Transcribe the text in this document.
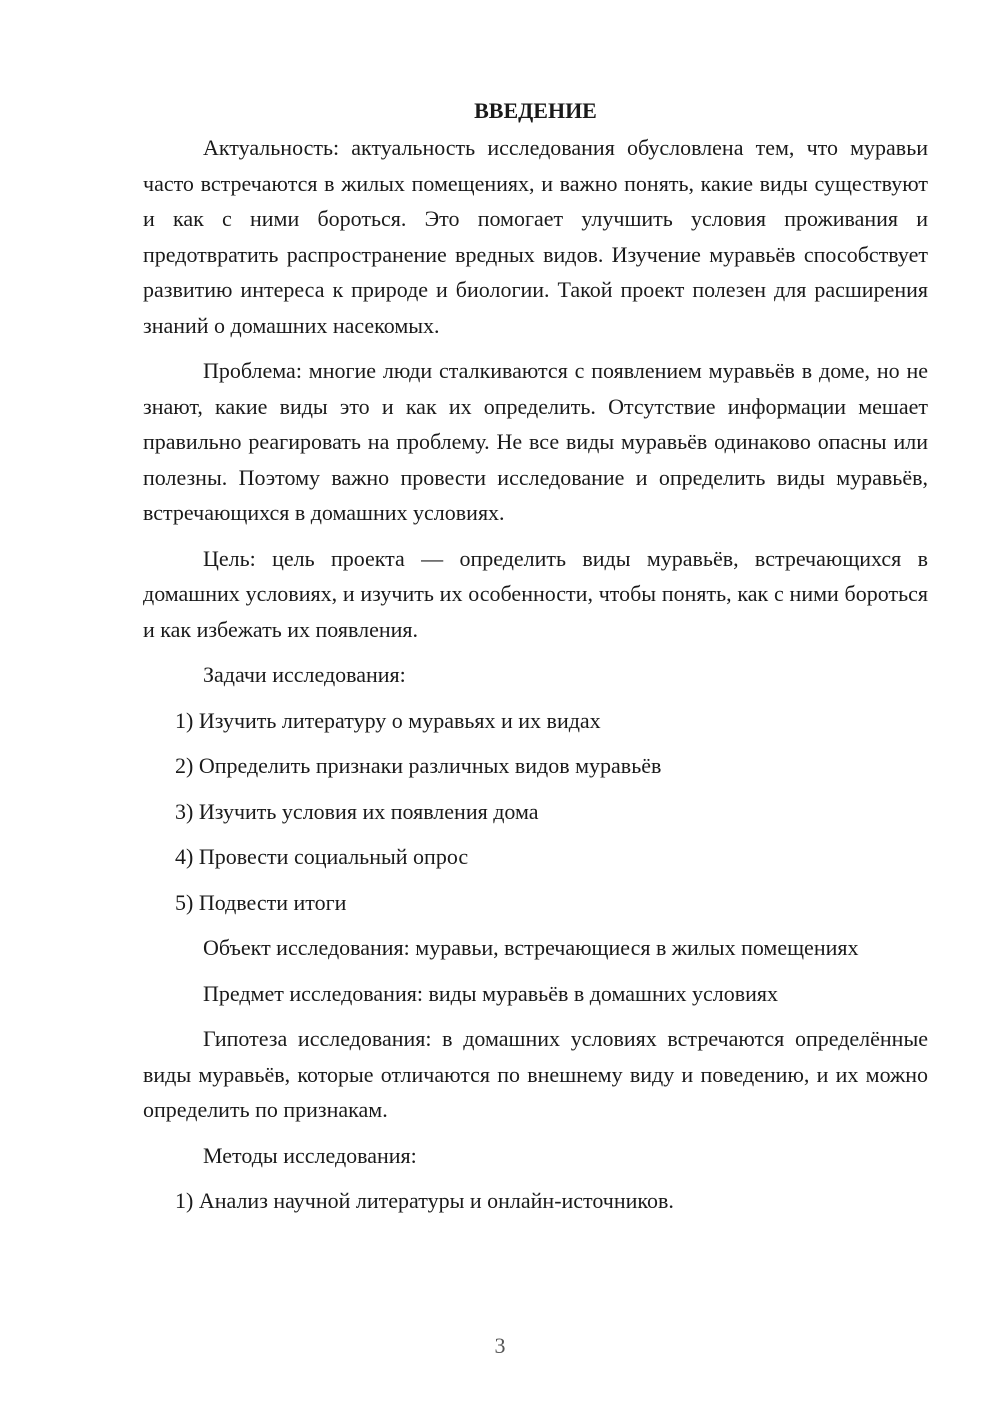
ВВЕДЕНИЕ

Актуальность: актуальность исследования обусловлена тем, что муравьи часто встречаются в жилых помещениях, и важно понять, какие виды существуют и как с ними бороться. Это помогает улучшить условия проживания и предотвратить распространение вредных видов. Изучение муравьёв способствует развитию интереса к природе и биологии. Такой проект полезен для расширения знаний о домашних насекомых.

Проблема: многие люди сталкиваются с появлением муравьёв в доме, но не знают, какие виды это и как их определить. Отсутствие информации мешает правильно реагировать на проблему. Не все виды муравьёв одинаково опасны или полезны. Поэтому важно провести исследование и определить виды муравьёв, встречающихся в домашних условиях.

Цель: цель проекта — определить виды муравьёв, встречающихся в домашних условиях, и изучить их особенности, чтобы понять, как с ними бороться и как избежать их появления.

Задачи исследования:

1) Изучить литературу о муравьях и их видах

2) Определить признаки различных видов муравьёв

3) Изучить условия их появления дома

4) Провести социальный опрос

5) Подвести итоги

Объект исследования: муравьи, встречающиеся в жилых помещениях

Предмет исследования: виды муравьёв в домашних условиях

Гипотеза исследования: в домашних условиях встречаются определённые виды муравьёв, которые отличаются по внешнему виду и поведению, и их можно определить по признакам.

Методы исследования:

1) Анализ научной литературы и онлайн-источников.

3
